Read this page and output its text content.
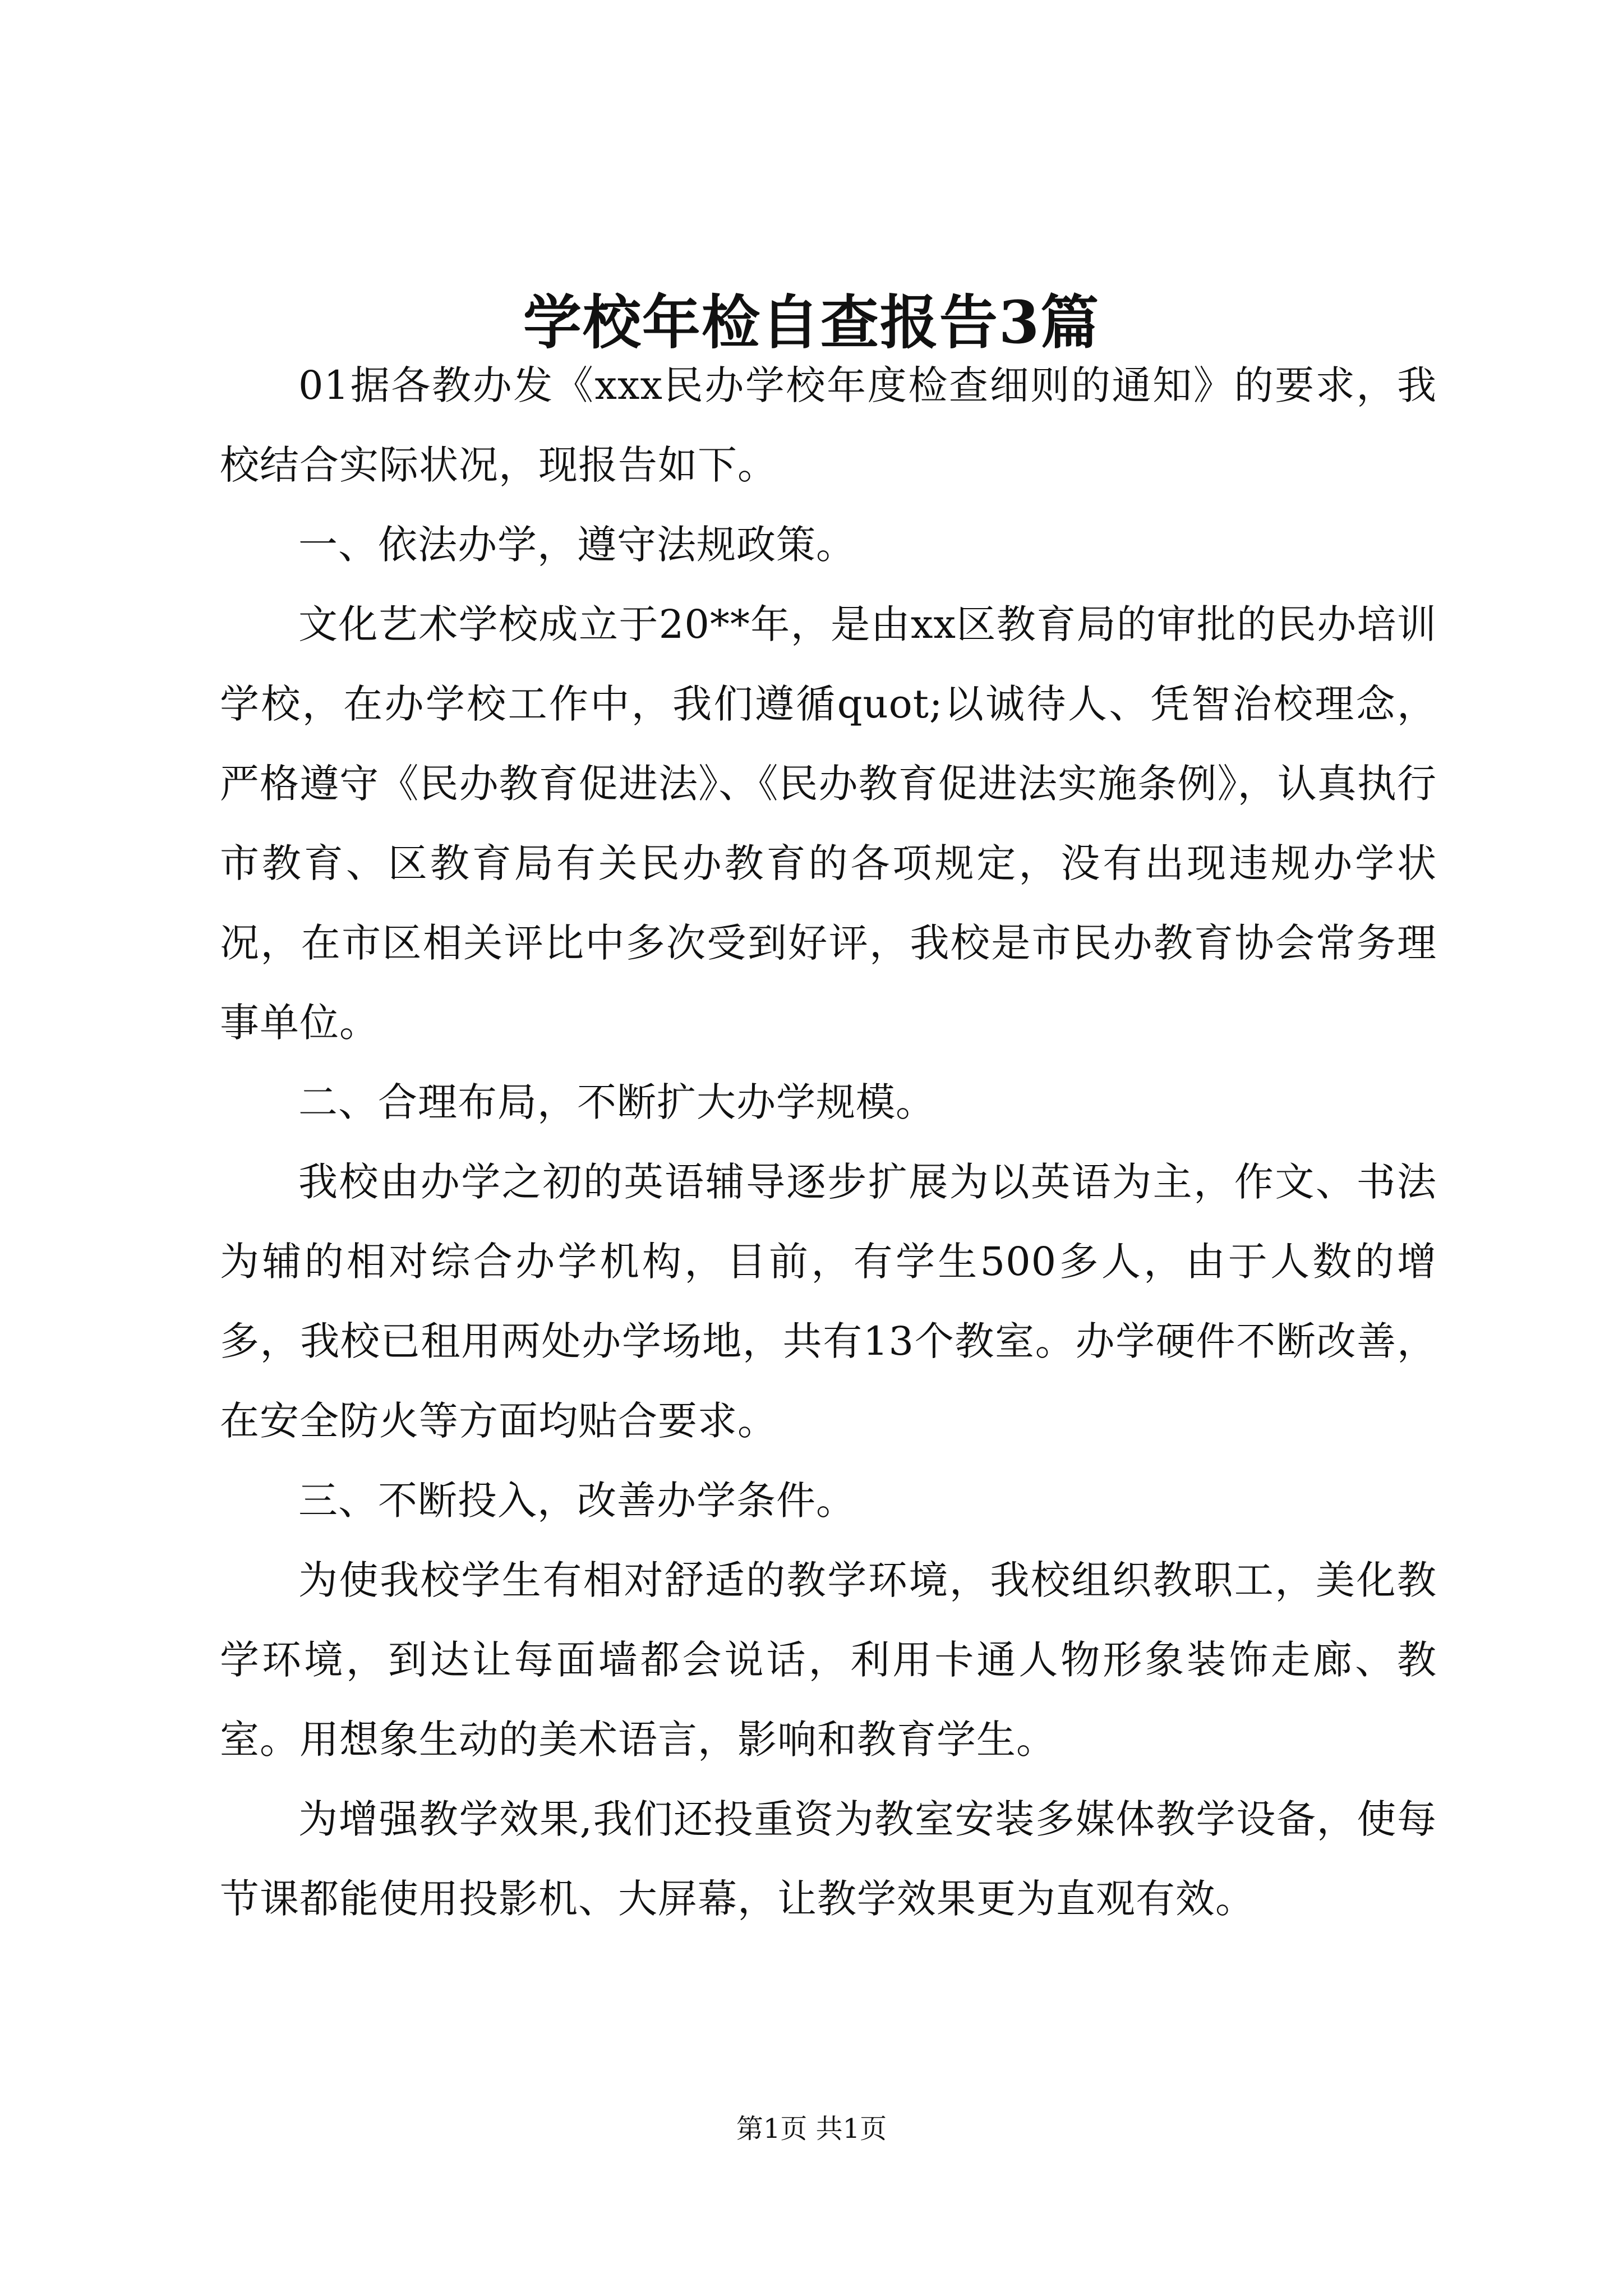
学校年检自查报告3篇

01据各教办发《xxx民办学校年度检查细则的通知》的要求，我校结合实际状况，现报告如下。

一、依法办学，遵守法规政策。

文化艺术学校成立于20**年，是由xx区教育局的审批的民办培训学校，在办学校工作中，我们遵循quot;以诚待人、凭智治校理念，严格遵守《民办教育促进法》、《民办教育促进法实施条例》，认真执行市教育、区教育局有关民办教育的各项规定，没有出现违规办学状况，在市区相关评比中多次受到好评，我校是市民办教育协会常务理事单位。

二、合理布局，不断扩大办学规模。

我校由办学之初的英语辅导逐步扩展为以英语为主，作文、书法为辅的相对综合办学机构，目前，有学生500多人，由于人数的增多，我校已租用两处办学场地，共有13个教室。办学硬件不断改善，在安全防火等方面均贴合要求。

三、不断投入，改善办学条件。

为使我校学生有相对舒适的教学环境，我校组织教职工，美化教学环境，到达让每面墙都会说话，利用卡通人物形象装饰走廊、教室。用想象生动的美术语言，影响和教育学生。

为增强教学效果,我们还投重资为教室安装多媒体教学设备，使每节课都能使用投影机、大屏幕，让教学效果更为直观有效。

第1页 共1页
